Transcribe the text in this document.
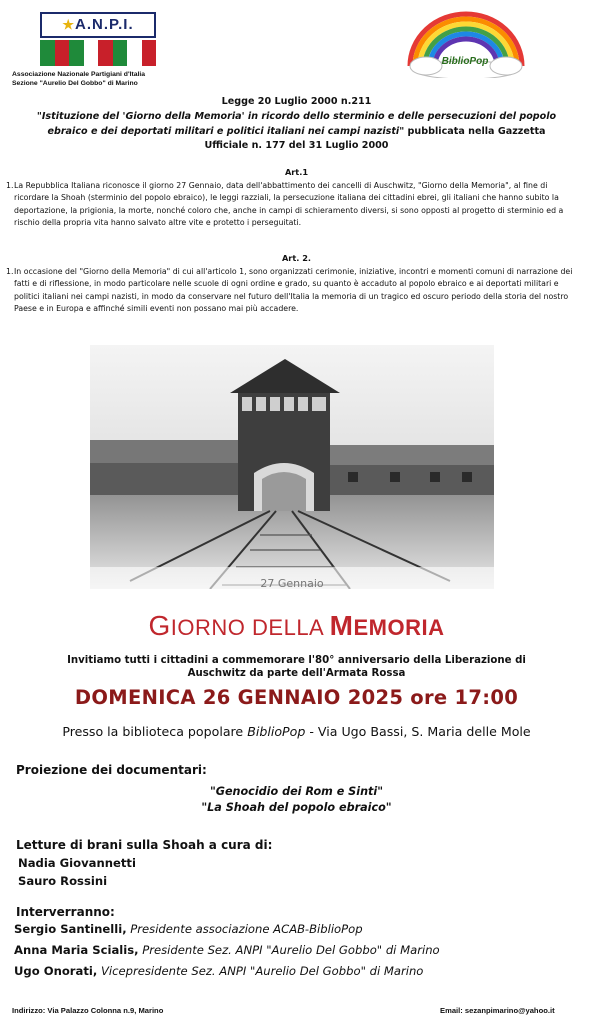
★A.N.P.I.
Associazione Nazionale Partigiani d'Italia
Sezione "Aurelio Del Gobbo" di Marino
BiblioPop
Legge 20 Luglio 2000 n.211
"Istituzione del 'Giorno della Memoria' in ricordo dello sterminio e delle persecuzioni del popolo
ebraico e dei deportati militari e politici italiani nei campi nazisti" pubblicata nella Gazzetta
Ufficiale n. 177 del 31 Luglio 2000
Art.1
1. La Repubblica Italiana riconosce il giorno 27 Gennaio, data dell'abbattimento dei cancelli di Auschwitz, "Giorno della Memoria", al fine di ricordare la Shoah (sterminio del popolo ebraico), le leggi razziali, la persecuzione italiana dei cittadini ebrei, gli italiani che hanno subito la deportazione, la prigionia, la morte, nonché coloro che, anche in campi di schieramento diversi, si sono opposti al progetto di sterminio ed a rischio della propria vita hanno salvato altre vite e protetto i perseguitati.
Art. 2.
1. In occasione del "Giorno della Memoria" di cui all'articolo 1, sono organizzati cerimonie, iniziative, incontri e momenti comuni di narrazione dei fatti e di riflessione, in modo particolare nelle scuole di ogni ordine e grado, su quanto è accaduto al popolo ebraico e ai deportati militari e politici italiani nei campi nazisti, in modo da conservare nel futuro dell'Italia la memoria di un tragico ed oscuro periodo della storia del nostro Paese e in Europa e affinché simili eventi non possano mai più accadere.
27 Gennaio
GIORNO DELLA MEMORIA
Invitiamo tutti i cittadini a commemorare l'80° anniversario della Liberazione di
Auschwitz da parte dell'Armata Rossa
DOMENICA 26 GENNAIO 2025 ore 17:00
Presso la biblioteca popolare BiblioPop - Via Ugo Bassi, S. Maria delle Mole
Proiezione dei documentari:
"Genocidio dei Rom e Sinti"
"La Shoah del popolo ebraico"
Letture di brani sulla Shoah a cura di:
Nadia Giovannetti
Sauro Rossini
Interverranno:
Sergio Santinelli, Presidente associazione ACAB-BiblioPop
Anna Maria Scialis, Presidente Sez. ANPI "Aurelio Del Gobbo" di Marino
Ugo Onorati, Vicepresidente Sez. ANPI "Aurelio Del Gobbo" di Marino
Indirizzo: Via Palazzo Colonna n.9, Marino	Email: sezanpimarino@yahoo.it
